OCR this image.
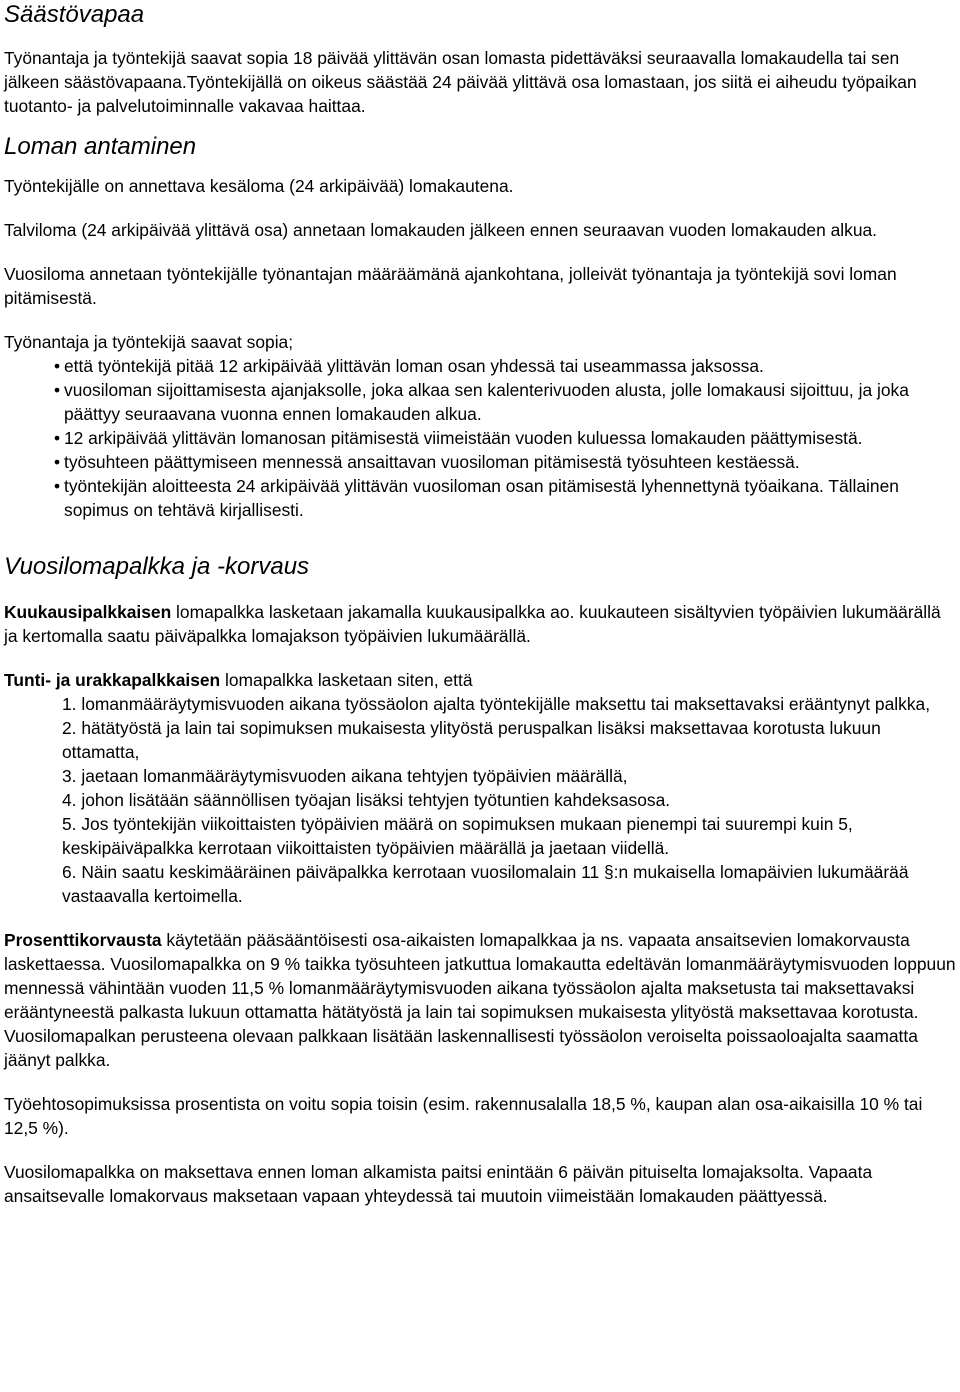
Säästövapaa

Työnantaja ja työntekijä saavat sopia 18 päivää ylittävän osan lomasta pidettäväksi seuraavalla lomakaudella tai sen jälkeen säästövapaana.Työntekijällä on oikeus säästää 24 päivää ylittävä osa lomastaan, jos siitä ei aiheudu työpaikan tuotanto- ja palvelutoiminnalle vakavaa haittaa.

Loman antaminen

Työntekijälle on annettava kesäloma (24 arkipäivää) lomakautena.

Talviloma (24 arkipäivää ylittävä osa) annetaan lomakauden jälkeen ennen seuraavan vuoden lomakauden alkua.

Vuosiloma annetaan työntekijälle työnantajan määräämänä ajankohtana, jolleivät työnantaja ja työntekijä sovi loman pitämisestä.

Työnantaja ja työntekijä saavat sopia;

• että työntekijä pitää 12 arkipäivää ylittävän loman osan yhdessä tai useammassa jaksossa.
• vuosiloman sijoittamisesta ajanjaksolle, joka alkaa sen kalenterivuoden alusta, jolle lomakausi sijoittuu, ja joka päättyy seuraavana vuonna ennen lomakauden alkua.
• 12 arkipäivää ylittävän lomanosan pitämisestä viimeistään vuoden kuluessa lomakauden päättymisestä.
• työsuhteen päättymiseen mennessä ansaittavan vuosiloman pitämisestä työsuhteen kestäessä.
• työntekijän aloitteesta 24 arkipäivää ylittävän vuosiloman osan pitämisestä lyhennettynä työaikana. Tällainen sopimus on tehtävä kirjallisesti.
Vuosilomapalkka ja -korvaus

Kuukausipalkkaisen lomapalkka lasketaan jakamalla kuukausipalkka ao. kuukauteen sisältyvien työpäivien lukumäärällä ja kertomalla saatu päiväpalkka lomajakson työpäivien lukumäärällä.

Tunti- ja urakkapalkkaisen lomapalkka lasketaan siten, että

1. lomanmääräytymisvuoden aikana työssäolon ajalta työntekijälle maksettu tai maksettavaksi erääntynyt palkka,
2. hätätyöstä ja lain tai sopimuksen mukaisesta ylityöstä peruspalkan lisäksi maksettavaa korotusta lukuun ottamatta,
3. jaetaan lomanmääräytymisvuoden aikana tehtyjen työpäivien määrällä,
4. johon lisätään säännöllisen työajan lisäksi tehtyjen työtuntien kahdeksasosa.
5. Jos työntekijän viikoittaisten työpäivien määrä on sopimuksen mukaan pienempi tai suurempi kuin 5, keskipäiväpalkka kerrotaan viikoittaisten työpäivien määrällä ja jaetaan viidellä.
6. Näin saatu keskimääräinen päiväpalkka kerrotaan vuosilomalain 11 §:n mukaisella lomapäivien lukumäärää vastaavalla kertoimella.

Prosenttikorvausta käytetään pääsääntöisesti osa-aikaisten lomapalkkaa ja ns. vapaata ansaitsevien lomakorvausta laskettaessa. Vuosilomapalkka on 9 % taikka työsuhteen jatkuttua lomakautta edeltävän lomanmääräytymisvuoden loppuun mennessä vähintään vuoden 11,5 % lomanmääräytymisvuoden aikana työssäolon ajalta maksetusta tai maksettavaksi erääntyneestä palkasta lukuun ottamatta hätätyöstä ja lain tai sopimuksen mukaisesta ylityöstä maksettavaa korotusta. Vuosilomapalkan perusteena olevaan palkkaan lisätään laskennallisesti työssäolon veroiselta poissaoloajalta saamatta jäänyt palkka.

Työehtosopimuksissa prosentista on voitu sopia toisin (esim. rakennusalalla 18,5 %, kaupan alan osa-aikaisilla 10 % tai 12,5 %).

Vuosilomapalkka on maksettava ennen loman alkamista paitsi enintään 6 päivän pituiselta lomajaksolta. Vapaata ansaitsevalle lomakorvaus maksetaan vapaan yhteydessä tai muutoin viimeistään lomakauden päättyessä.
